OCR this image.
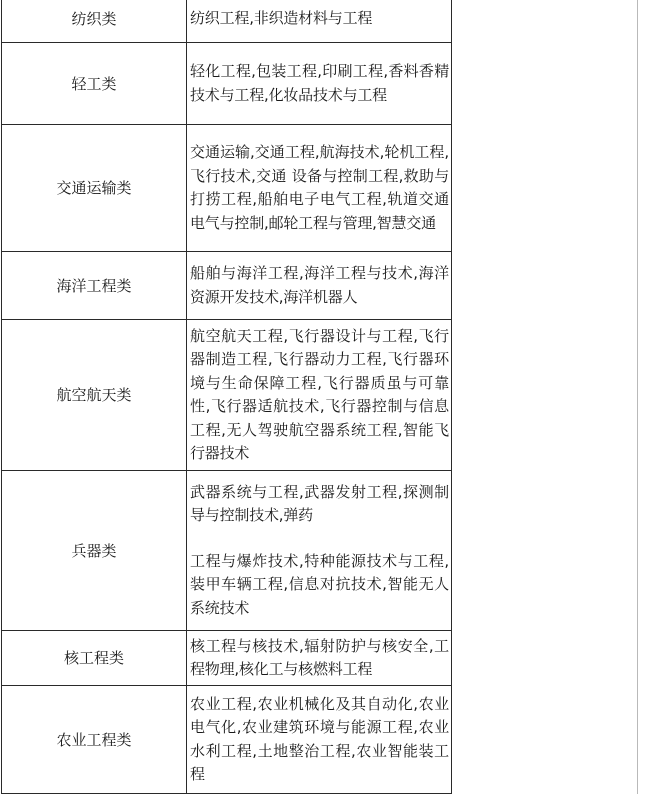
纺织类	纺织工程,非织造材料与工程

轻工类	轻化工程,包装工程,印刷工程,香料香精技术与工程,化妆品技术与工程

交通运输类	交通运输,交通工程,航海技术,轮机工程,飞行技术,交通 设备与控制工程,救助与打捞工程,船舶电子电气工程,轨道交通电气与控制,邮轮工程与管理,智慧交通

海洋工程类	船舶与海洋工程,海洋工程与技术,海洋资源开发技术,海洋机器人

航空航天类	航空航天工程,飞行器设计与工程,飞行器制造工程,飞行器动力工程,飞行器环境与生命保障工程,飞行器质虽与可靠性,飞行器适航技术,飞行器控制与信息工程,无人驾驶航空器系统工程,智能飞行器技术

兵器类	武器系统与工程,武器发射工程,探测制导与控制技术,弹药
工程与爆炸技术,特种能源技术与工程,装甲车辆工程,信息对抗技术,智能无人系统技术

核工程类	核工程与核技术,辐射防护与核安全,工程物理,核化工与核燃料工程

农业工程类	农业工程,农业机械化及其自动化,农业电气化,农业建筑环境与能源工程,农业水利工程,土地整治工程,农业智能装工程
